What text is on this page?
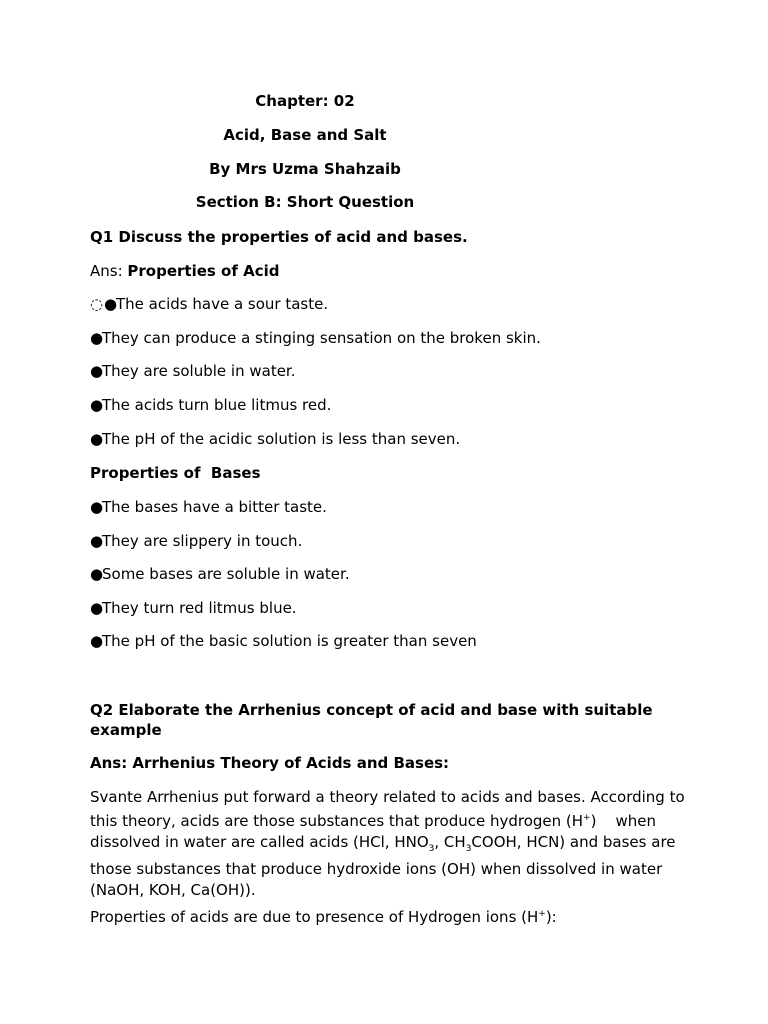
Chapter: 02
Acid, Base and Salt
By Mrs Uzma Shahzaib
Section B: Short Question
Q1 Discuss the properties of acid and bases.
Ans: Properties of Acid
◌●The acids have a sour taste.
●They can produce a stinging sensation on the broken skin.
●They are soluble in water.
●The acids turn blue litmus red.
●The pH of the acidic solution is less than seven.
Properties of  Bases
●The bases have a bitter taste.
●They are slippery in touch.
●Some bases are soluble in water.
●They turn red litmus blue.
●The pH of the basic solution is greater than seven
Q2 Elaborate the Arrhenius concept of acid and base with suitable
example
Ans: Arrhenius Theory of Acids and Bases:
Svante Arrhenius put forward a theory related to acids and bases. According to this theory, acids are those substances that produce hydrogen (H+)    when dissolved in water are called acids (HCl, $HNO_3$, $CH_3COOH$, HCN) and bases are those substances that produce hydroxide ions (OH) when dissolved in water (NaOH, KOH, Ca(OH)).
Properties of acids are due to presence of Hydrogen ions (H+):
